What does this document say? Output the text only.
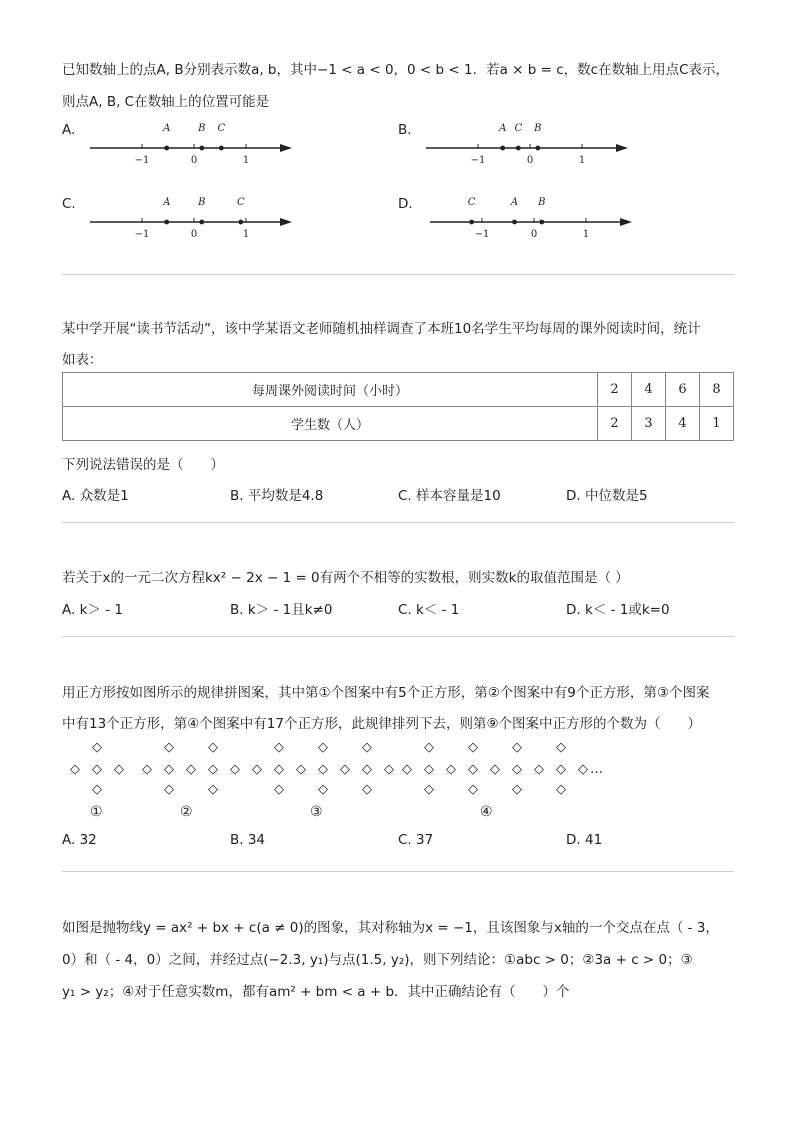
已知数轴上的点A, B分别表示数a, b，其中−1 < a < 0，0 < b < 1．若a × b = c，数c在数轴上用点C表示，
则点A, B, C在数轴上的位置可能是
A.
−1	0	1
A	B C	B.
−1	0	1
A C B
C.
−1	0	1
A	B	C	D.
−1	0	1
C	A B
某中学开展“读书节活动”，该中学某语文老师随机抽样调查了本班10名学生平均每周的课外阅读时间，统计
如表：
每周课外阅读时间（小时）	2	4	6	8
学生数（人）	2	3	4	1
下列说法错误的是（　　）
A. 众数是1	B. 平均数是4.8	C. 样本容量是10	D. 中位数是5
若关于x的一元二次方程kx² − 2x − 1 = 0有两个不相等的实数根，则实数k的取值范围是（ ）
A. k＞ - 1	B. k＞ - 1且k≠0	C. k＜ - 1	D. k＜ - 1或k=0
用正方形按如图所示的规律拼图案，其中第①个图案中有5个正方形，第②个图案中有9个正方形，第③个图案
中有13个正方形，第④个图案中有17个正方形，此规律排列下去，则第⑨个图案中正方形的个数为（　　）
◇ ◇ ◇
◇
◇
◇ ◇ ◇ ◇ ◇
◇
◇
◇
◇
◇ ◇ ◇ ◇ ◇ ◇ ◇
◇
◇
◇
◇
◇
◇
◇ ◇ ◇ ◇ ◇ ◇ ◇ ◇ ◇
◇
◇
◇
◇
◇
◇
◇
◇
①	②	③	④
…
A. 32	B. 34	C. 37	D. 41
如图是抛物线y = ax² + bx + c(a ≠ 0)的图象，其对称轴为x = −1，且该图象与x轴的一个交点在点（ - 3，
0）和（ - 4，0）之间，并经过点(−2.3, y₁)与点(1.5, y₂)，则下列结论：①abc > 0；②3a + c > 0；③
y₁ > y₂；④对于任意实数m，都有am² + bm < a + b．其中正确结论有（　　）个
